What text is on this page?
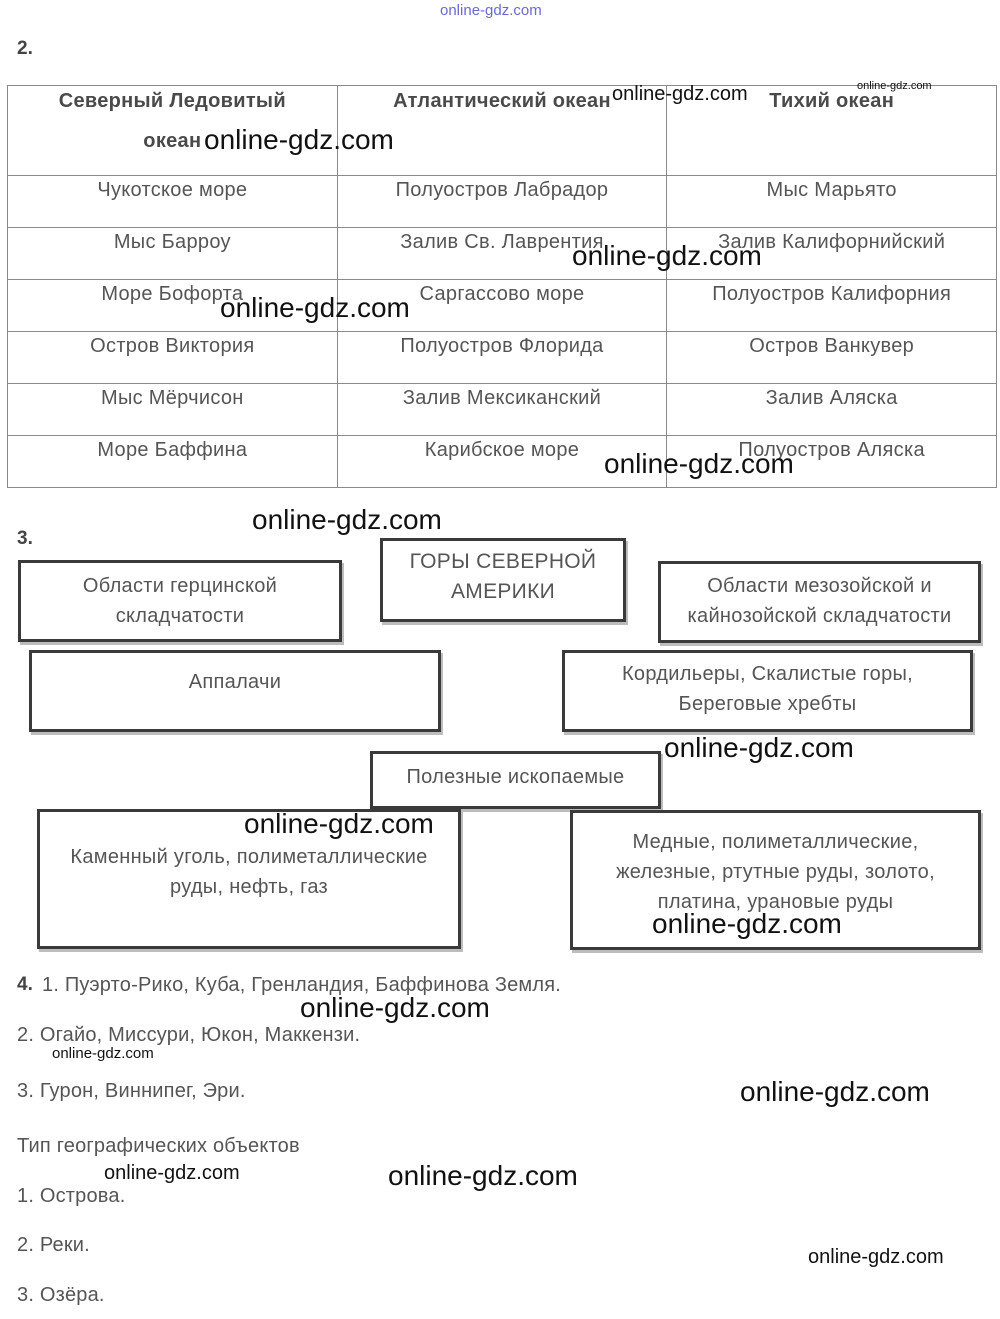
online-gdz.com
2.
Северный Ледовитый
океан	Атлантический океан	Тихий океан

Чукотское море	Полуостров Лабрадор	Мыс Марьято
Мыс Барроу	Залив Св. Лаврентия	Залив Калифорнийский
Море Бофорта	Саргассово море	Полуостров Калифорния
Остров Виктория	Полуостров Флорида	Остров Ванкувер
Мыс Мёрчисон	Залив Мексиканский	Залив Аляска
Море Баффина	Карибское море	Полуостров Аляска
3.
Области герцинской
складчатости
ГОРЫ СЕВЕРНОЙ
АМЕРИКИ	Области мезозойской и
кайнозойской складчатости
Аппалачи	Кордильеры, Скалистые горы,
Береговые хребты
Полезные ископаемые
Каменный уголь, полиметаллические
руды, нефть, газ
Медные, полиметаллические,
железные, ртутные руды, золото,
платина, урановые руды
4. 1. Пуэрто-Рико, Куба, Гренландия, Баффинова Земля.
2. Огайо, Миссури, Юкон, Маккензи.
3. Гурон, Виннипег, Эри.
Тип географических объектов
1. Острова.
2. Реки.
3. Озёра.
online-gdz.com	online-gdz.com
online-gdz.com
online-gdz.com
online-gdz.com
online-gdz.com
online-gdz.com
online-gdz.com
online-gdz.com
online-gdz.com
online-gdz.com
online-gdz.com
online-gdz.com
online-gdz.com	online-gdz.com
online-gdz.com
